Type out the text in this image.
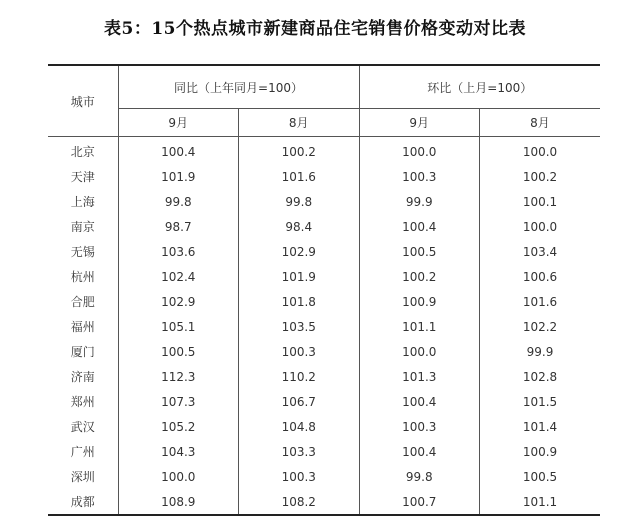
表5：15个热点城市新建商品住宅销售价格变动对比表
城市	同比（上年同月=100）		环比（上月=100）	
	9月	8月	9月	8月
北京	100.4	100.2	100.0	100.0
天津	101.9	101.6	100.3	100.2
上海	99.8	99.8	99.9	100.1
南京	98.7	98.4	100.4	100.0
无锡	103.6	102.9	100.5	103.4
杭州	102.4	101.9	100.2	100.6
合肥	102.9	101.8	100.9	101.6
福州	105.1	103.5	101.1	102.2
厦门	100.5	100.3	100.0	99.9
济南	112.3	110.2	101.3	102.8
郑州	107.3	106.7	100.4	101.5
武汉	105.2	104.8	100.3	101.4
广州	104.3	103.3	100.4	100.9
深圳	100.0	100.3	99.8	100.5
成都	108.9	108.2	100.7	101.1
